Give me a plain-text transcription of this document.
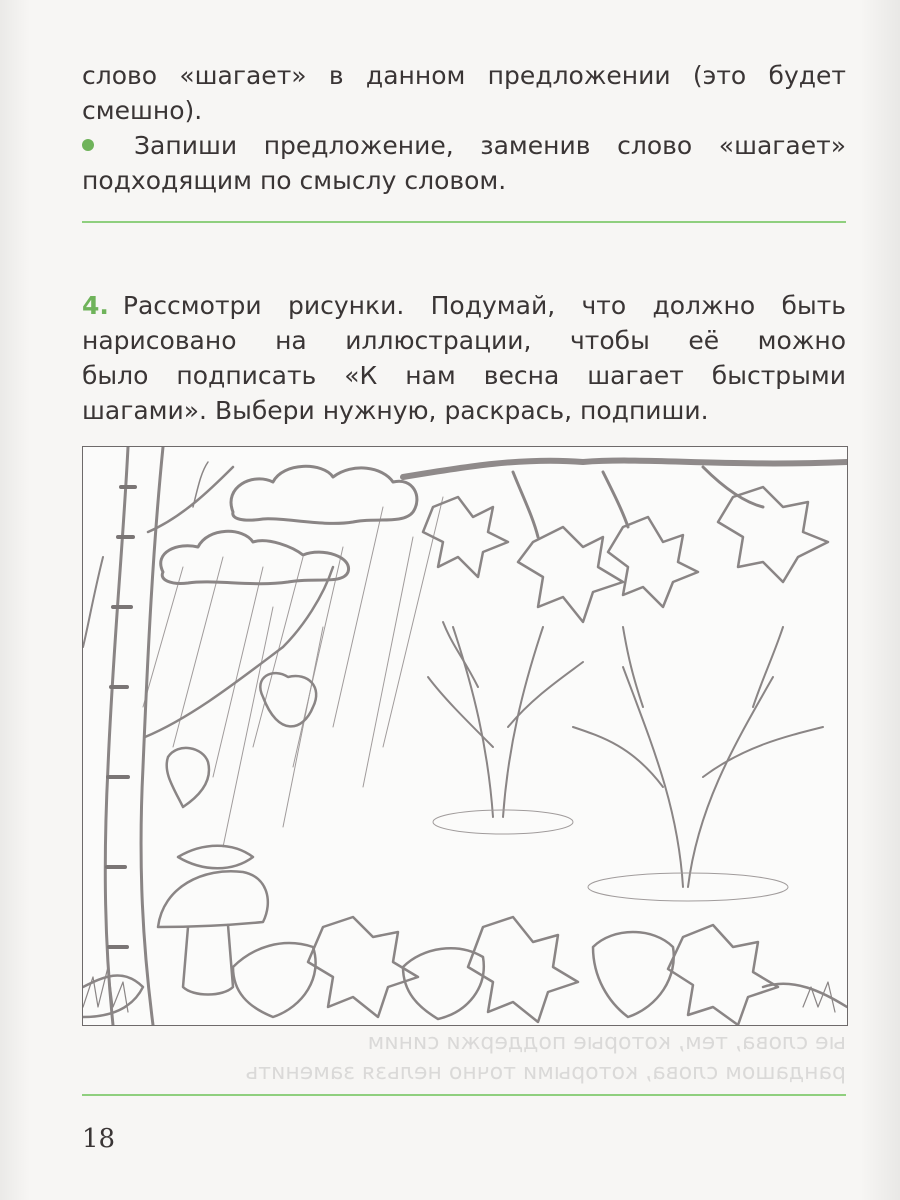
слово «шагает» в данном предложении (это будет
смешно).
Запиши предложение, заменив слово «шагает»
подходящим по смыслу словом.
4. Рассмотри рисунки. Подумай, что должно быть
нарисовано на иллюстрации, чтобы её можно
было подписать «К нам весна шагает быстрыми
шагами». Выбери нужную, раскрась, подпиши.
ые слова, тем, которые поддержи синим
рандашом слова, которыми точно нельзя заменить
18
